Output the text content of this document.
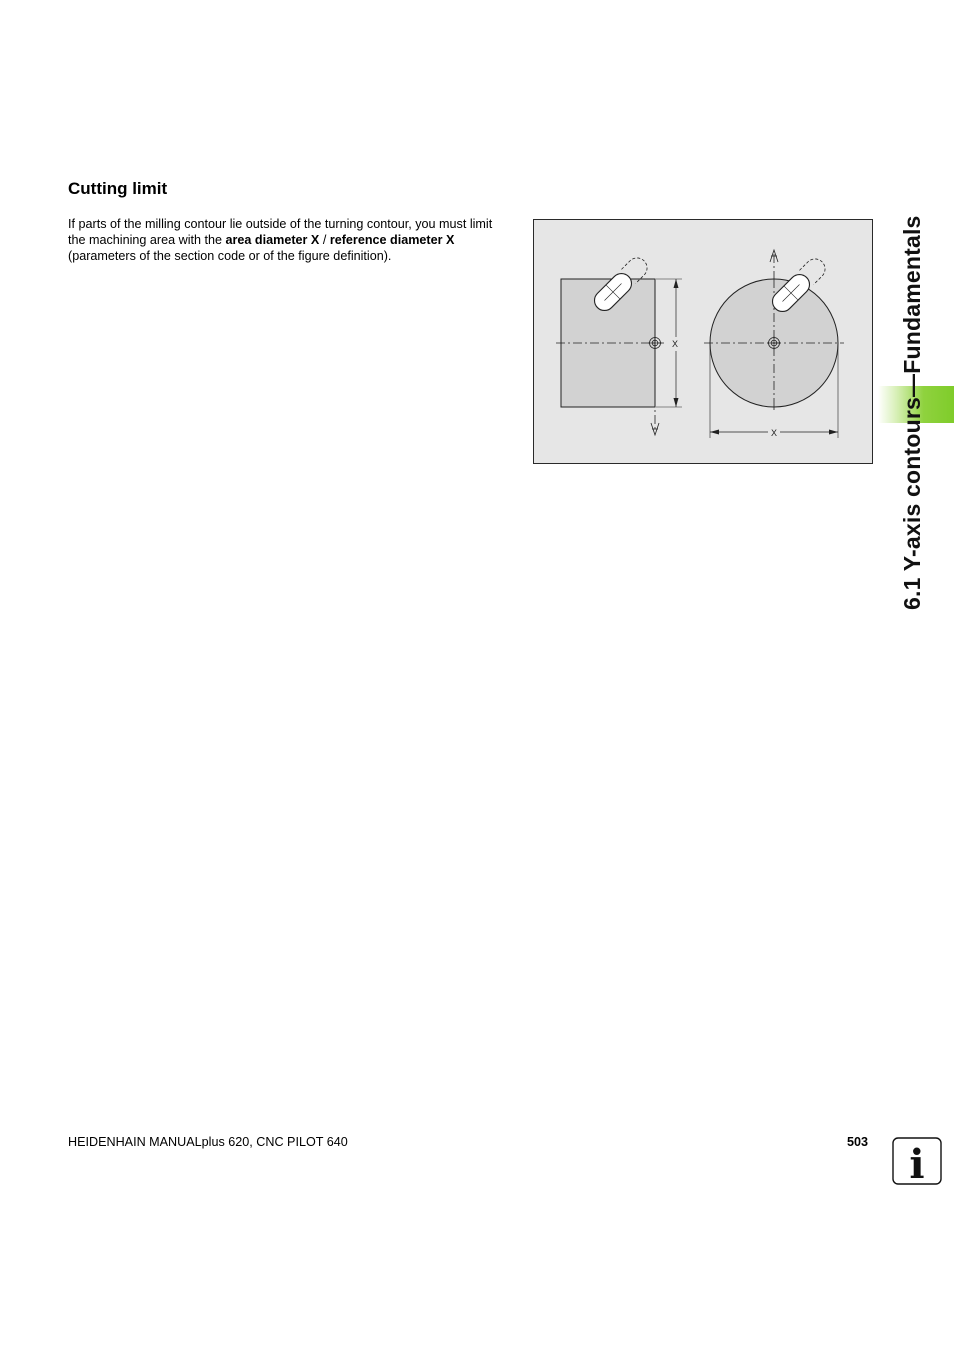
Cutting limit

If parts of the milling contour lie outside of the turning contour, you must limit the machining area with the area diameter X / reference diameter X (parameters of the section code or of the figure definition).

X
X	6.1 Y-axis contours—Fundamentals
HEIDENHAIN MANUALplus 620, CNC PILOT 640	503 i
